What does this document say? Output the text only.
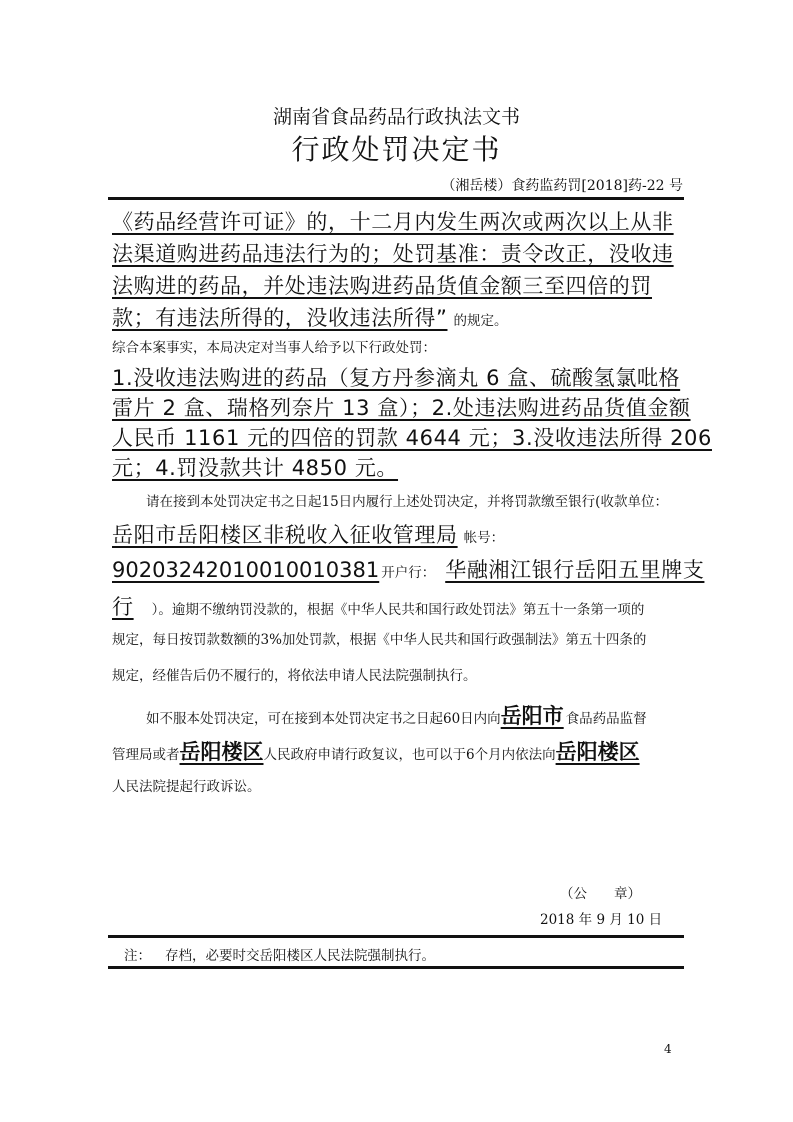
湖南省食品药品行政执法文书
行政处罚决定书
（湘岳楼）食药监药罚[2018]药-22 号
《药品经营许可证》的，十二月内发生两次或两次以上从非
法渠道购进药品违法行为的；处罚基准：责令改正，没收违
法购进的药品，并处违法购进药品货值金额三至四倍的罚
款；有违法所得的，没收违法所得” 的规定。
综合本案事实，本局决定对当事人给予以下行政处罚：
1.没收违法购进的药品（复方丹参滴丸 6 盒、硫酸氢氯吡格
雷片 2 盒、瑞格列奈片 13 盒）；2.处违法购进药品货值金额
人民币 1161 元的四倍的罚款 4644 元；3.没收违法所得 206
元；4.罚没款共计 4850 元。
请在接到本处罚决定书之日起15日内履行上述处罚决定，并将罚款缴至银行(收款单位：
岳阳市岳阳楼区非税收入征收管理局 帐号：
90203242010010010381 开户行： 华融湘江银行岳阳五里牌支
行 ）。逾期不缴纳罚没款的，根据《中华人民共和国行政处罚法》第五十一条第一项的
规定，每日按罚款数额的3%加处罚款，根据《中华人民共和国行政强制法》第五十四条的
规定，经催告后仍不履行的，将依法申请人民法院强制执行。
如不服本处罚决定，可在接到本处罚决定书之日起60日内向岳阳市 食品药品监督
管理局或者岳阳楼区人民政府申请行政复议，也可以于6个月内依法向岳阳楼区
人民法院提起行政诉讼。
（公　　章）
2018 年 9 月 10 日
注： 存档，必要时交岳阳楼区人民法院强制执行。
4
